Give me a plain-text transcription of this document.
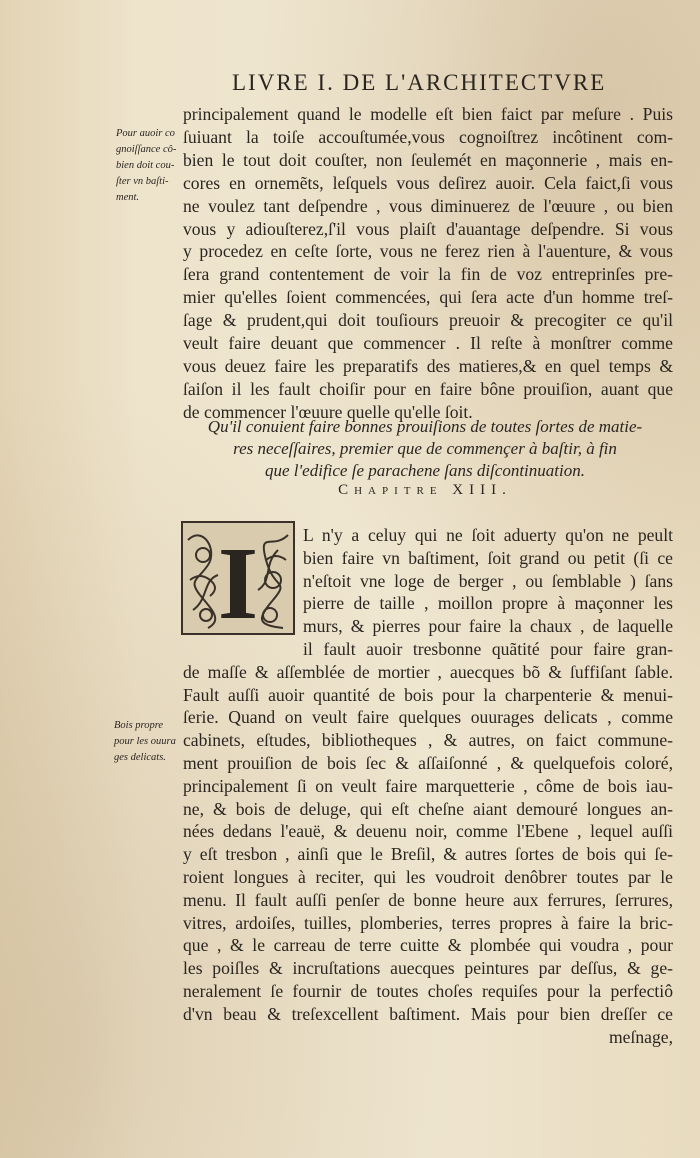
LIVRE I. DE L'ARCHITECTVRE
Pour auoir co
gnoiſſance cô-
bien doit cou-
ſter vn baſti-
ment.
principalement quand le modelle eſt bien faict par meſure . Puis
ſuiuant la toiſe accouſtumée,vous cognoiſtrez incôtinent com-
bien le tout doit couſter, non ſeulemét en maçonnerie , mais en-
cores en ornemẽts, leſquels vous deſirez auoir. Cela faict,ſi vous
ne voulez tant deſpendre , vous diminuerez de l'œuure , ou bien
vous y adiouſterez,ſ'il vous plaiſt d'auantage deſpendre. Si vous
y procedez en ceſte ſorte, vous ne ferez rien à l'auenture, & vous
ſera grand contentement de voir la fin de voz entreprinſes pre-
mier qu'elles ſoient commencées, qui ſera acte d'un homme treſ-
ſage & prudent,qui doit touſiours preuoir & precogiter ce qu'il
veult faire deuant que commencer . Il reſte à monſtrer comme
vous deuez faire les preparatifs des matieres,& en quel temps &
ſaiſon il les fault choiſir pour en faire bône prouiſion, auant que
de commencer l'œuure quelle qu'elle ſoit.
Qu'il conuient faire bonnes prouiſions de toutes ſortes de matie-
res neceſſaires, premier que de commençer à baſtir, à fin
que l'edifice ſe parachene ſans diſcontinuation.
Chapitre XIII.
I	L n'y a celuy qui ne ſoit aduerty qu'on ne peult
bien faire vn baſtiment, ſoit grand ou petit (ſi ce
n'eſtoit vne loge de berger , ou ſemblable ) ſans
pierre de taille , moillon propre à maçonner les
murs, & pierres pour faire la chaux , de laquelle
il fault auoir tresbonne quãtité pour faire gran-
de maſſe & aſſemblée de mortier , auecques bõ & ſuffiſant ſable.
Fault auſſi auoir quantité de bois pour la charpenterie & menui-
ſerie. Quand on veult faire quelques ouurages delicats , comme
cabinets, eſtudes, bibliotheques , & autres, on faict commune-
ment prouiſion de bois ſec & aſſaiſonné , & quelquefois coloré,
principalement ſi on veult faire marquetterie , côme de bois iau-
ne, & bois de deluge, qui eſt cheſne aiant demouré longues an-
nées dedans l'eauë, & deuenu noir, comme l'Ebene , lequel auſſi
y eſt tresbon , ainſi que le Breſil, & autres ſortes de bois qui ſe-
roient longues à reciter, qui les voudroit denôbrer toutes par le
menu. Il fault auſſi penſer de bonne heure aux ferrures, ſerrures,
vitres, ardoiſes, tuilles, plomberies, terres propres à faire la bric-
que , & le carreau de terre cuitte & plombée qui voudra , pour
les poiſles & incruſtations auecques peintures par deſſus, & ge-
neralement ſe fournir de toutes choſes requiſes pour la perfectiô
d'vn beau & treſexcellent baſtiment. Mais pour bien dreſſer ce
meſnage,
Bois propre
pour les ouura
ges delicats.
